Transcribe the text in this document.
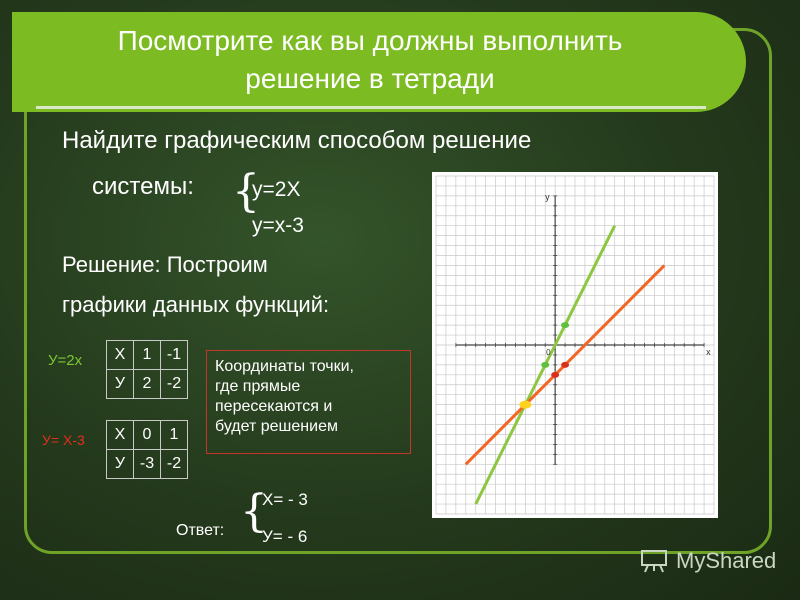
Посмотрите как вы должны выполнить
решение в тетради
Найдите графическим способом решение
системы: {
у=2Х
у=х-3
Решение: Построим
графики данных функций:
У=2х Х	1	-1
У	2	-2
У= Х-3 Х	0	1
У	-3	-2
Координаты точки,
где прямые
пересекаются и
будет решением
Ответ: {
Х= - 3
У= - 6
x
y
0
MyShared
